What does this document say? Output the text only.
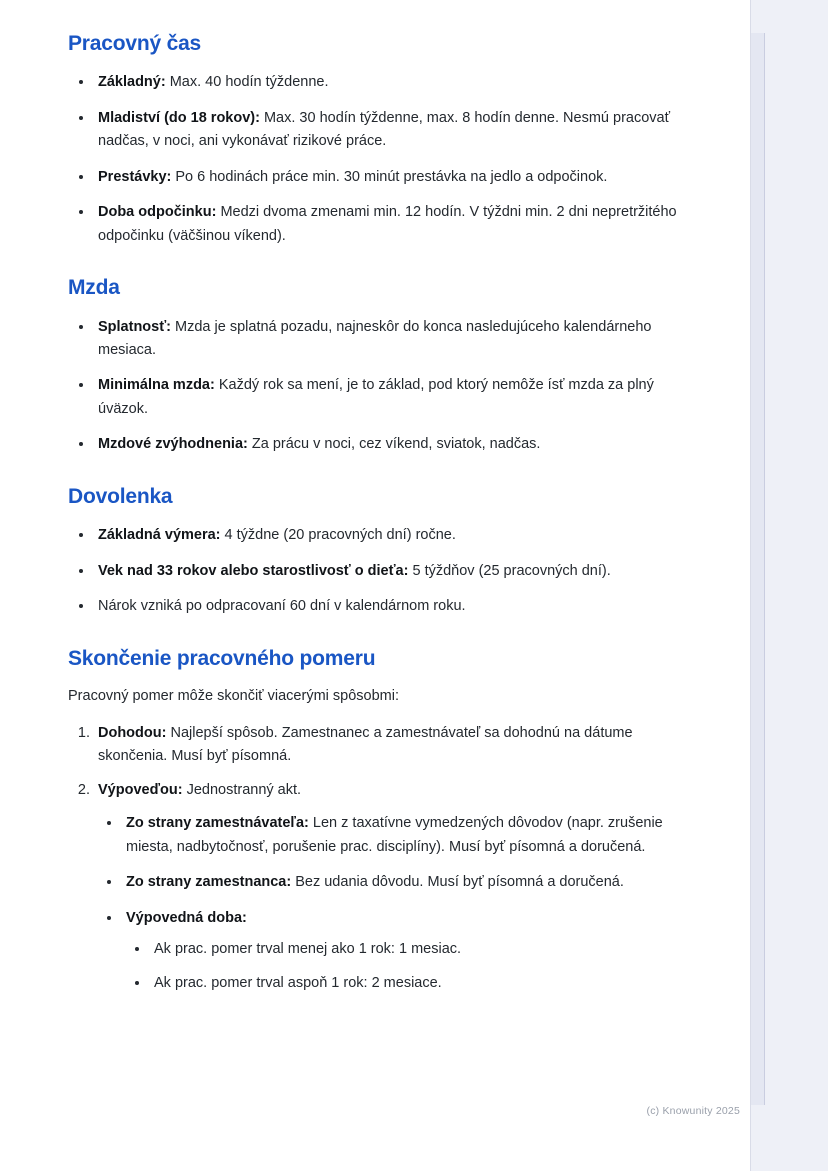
Pracovný čas
• Základný: Max. 40 hodín týždenne.
• Mladiství (do 18 rokov): Max. 30 hodín týždenne, max. 8 hodín denne. Nesmú pracovať nadčas, v noci, ani vykonávať rizikové práce.
• Prestávky: Po 6 hodinách práce min. 30 minút prestávka na jedlo a odpočinok.
• Doba odpočinku: Medzi dvoma zmenami min. 12 hodín. V týždni min. 2 dni nepretržitého odpočinku (väčšinou víkend).
Mzda
• Splatnosť: Mzda je splatná pozadu, najneskôr do konca nasledujúceho kalendárneho mesiaca.
• Minimálna mzda: Každý rok sa mení, je to základ, pod ktorý nemôže ísť mzda za plný úväzok.
• Mzdové zvýhodnenia: Za prácu v noci, cez víkend, sviatok, nadčas.
Dovolenka
• Základná výmera: 4 týždne (20 pracovných dní) ročne.
• Vek nad 33 rokov alebo starostlivosť o dieťa: 5 týždňov (25 pracovných dní).
• Nárok vzniká po odpracovaní 60 dní v kalendárnom roku.
Skončenie pracovného pomeru

Pracovný pomer môže skončiť viacerými spôsobmi:

1. Dohodou: Najlepší spôsob. Zamestnanec a zamestnávateľ sa dohodnú na dátume skončenia. Musí byť písomná.
2. Výpoveďou: Jednostranný akt.
• Zo strany zamestnávateľa: Len z taxatívne vymedzených dôvodov (napr. zrušenie miesta, nadbytočnosť, porušenie prac. disciplíny). Musí byť písomná a doručená.
• Zo strany zamestnanca: Bez udania dôvodu. Musí byť písomná a doručená.
• Výpovedná doba:
• Ak prac. pomer trval menej ako 1 rok: 1 mesiac.
• Ak prac. pomer trval aspoň 1 rok: 2 mesiace.
(c) Knowunity 2025
